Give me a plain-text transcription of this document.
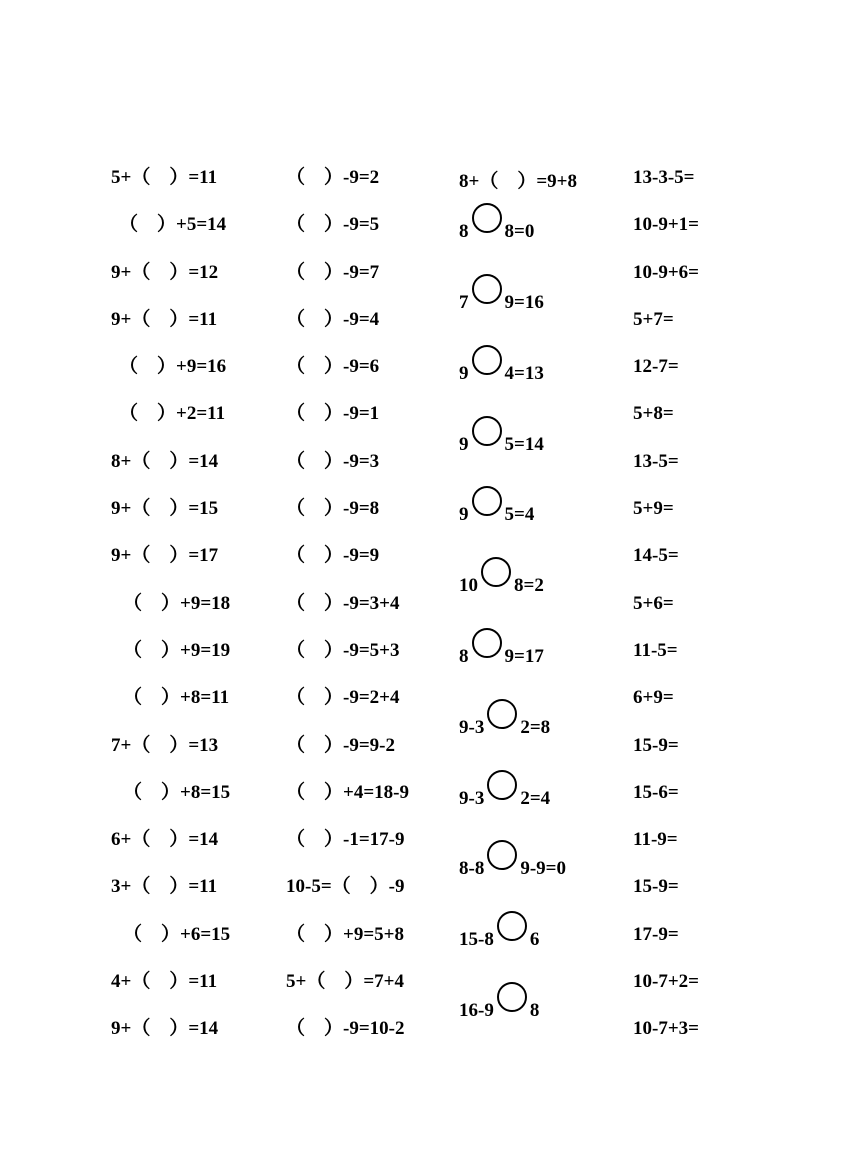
5+（　）=11
（　）+5=14
9+（　）=12
9+（　）=11
（　）+9=16
（　）+2=11
8+（　）=14
9+（　）=15
9+（　）=17
（　）+9=18
（　）+9=19
（　）+8=11
7+（　）=13
（　）+8=15
6+（　）=14
3+（　）=11
（　）+6=15
4+（　）=11
9+（　）=14
（　）-9=2
（　）-9=5
（　）-9=7
（　）-9=4
（　）-9=6
（　）-9=1
（　）-9=3
（　）-9=8
（　）-9=9
（　）-9=3+4
（　）-9=5+3
（　）-9=2+4
（　）-9=9-2
（　）+4=18-9
（　）-1=17-9
10-5=（　）-9
（　）+9=5+8
5+（　）=7+4
（　）-9=10-2
8+（　）=9+8
8 8=0
7 9=16
9 4=13
9 5=14
9 5=4
10 8=2
8 9=17
9-3 2=8
9-3 2=4
8-8 9-9=0
15-8 6
16-9 8
13-3-5=
10-9+1=
10-9+6=
5+7=
12-7=
5+8=
13-5=
5+9=
14-5=
5+6=
11-5=
6+9=
15-9=
15-6=
11-9=
15-9=
17-9=
10-7+2=
10-7+3=
